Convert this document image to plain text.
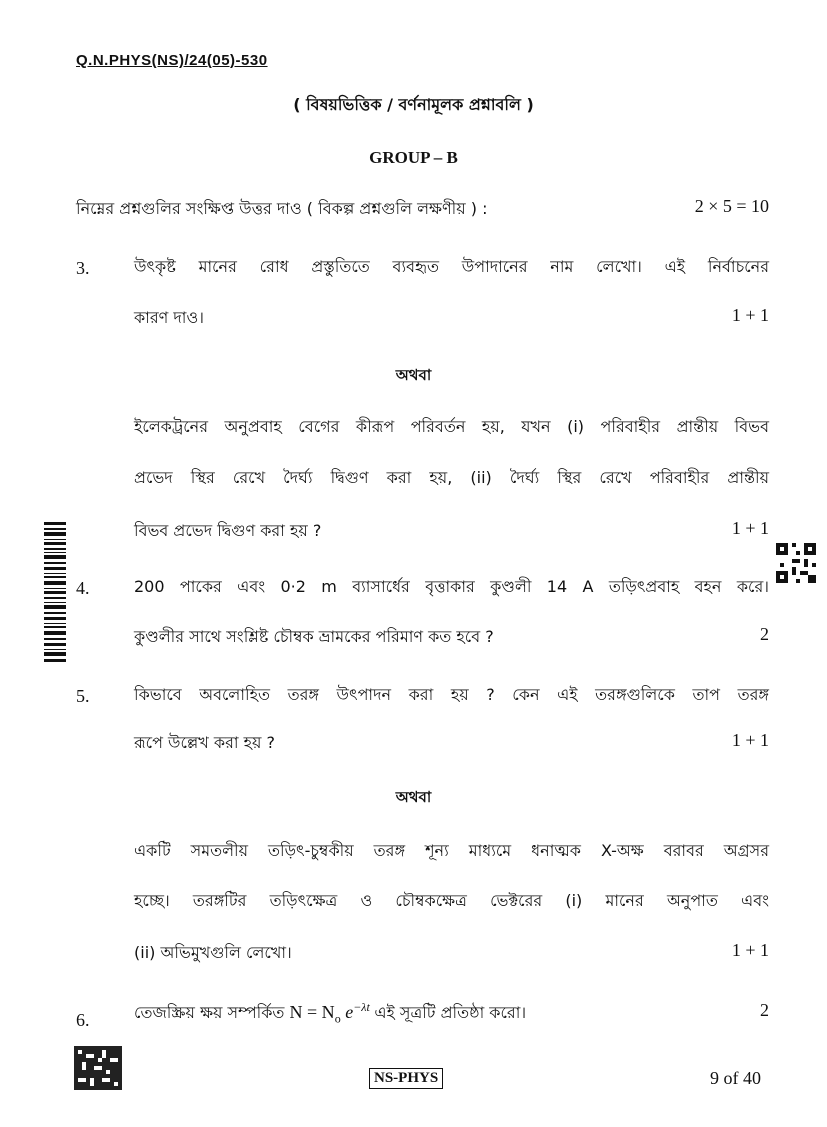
Q.N.PHYS(NS)/24(05)-530
( বিষয়ভিত্তিক / বর্ণনামূলক প্রশ্নাবলি )
GROUP – B
নিম্নের প্রশ্নগুলির সংক্ষিপ্ত উত্তর দাও ( বিকল্প প্রশ্নগুলি লক্ষণীয় ) :	2 × 5 = 10
3.	উৎকৃষ্ট মানের রোধ প্রস্তুতিতে ব্যবহৃত উপাদানের নাম লেখো। এই নির্বাচনের
কারণ দাও।	1 + 1
অথবা
ইলেকট্রনের অনুপ্রবাহ বেগের কীরূপ পরিবর্তন হয়, যখন (i) পরিবাহীর প্রান্তীয় বিভব
প্রভেদ স্থির রেখে দৈর্ঘ্য দ্বিগুণ করা হয়, (ii) দৈর্ঘ্য স্থির রেখে পরিবাহীর প্রান্তীয়
বিভব প্রভেদ দ্বিগুণ করা হয় ?	1 + 1
4.	200 পাকের এবং 0·2 m ব্যাসার্ধের বৃত্তাকার কুণ্ডলী 14 A তড়িৎপ্রবাহ বহন করে।
কুণ্ডলীর সাথে সংশ্লিষ্ট চৌম্বক ভ্রামকের পরিমাণ কত হবে ?	2
5.	কিভাবে অবলোহিত তরঙ্গ উৎপাদন করা হয় ? কেন এই তরঙ্গগুলিকে তাপ তরঙ্গ
রূপে উল্লেখ করা হয় ?	1 + 1
অথবা
একটি সমতলীয় তড়িৎ-চুম্বকীয় তরঙ্গ শূন্য মাধ্যমে ধনাত্মক X-অক্ষ বরাবর অগ্রসর
হচ্ছে। তরঙ্গটির তড়িৎক্ষেত্র ও চৌম্বকক্ষেত্র ভেক্টরের (i) মানের অনুপাত এবং
(ii) অভিমুখগুলি লেখো।	1 + 1
6.	তেজস্ক্রিয় ক্ষয় সম্পর্কিত $N = N_o$ $e^{-\lambda t}$ এই সূত্রটি প্রতিষ্ঠা করো।	2
NS-PHYS	9 of 40
